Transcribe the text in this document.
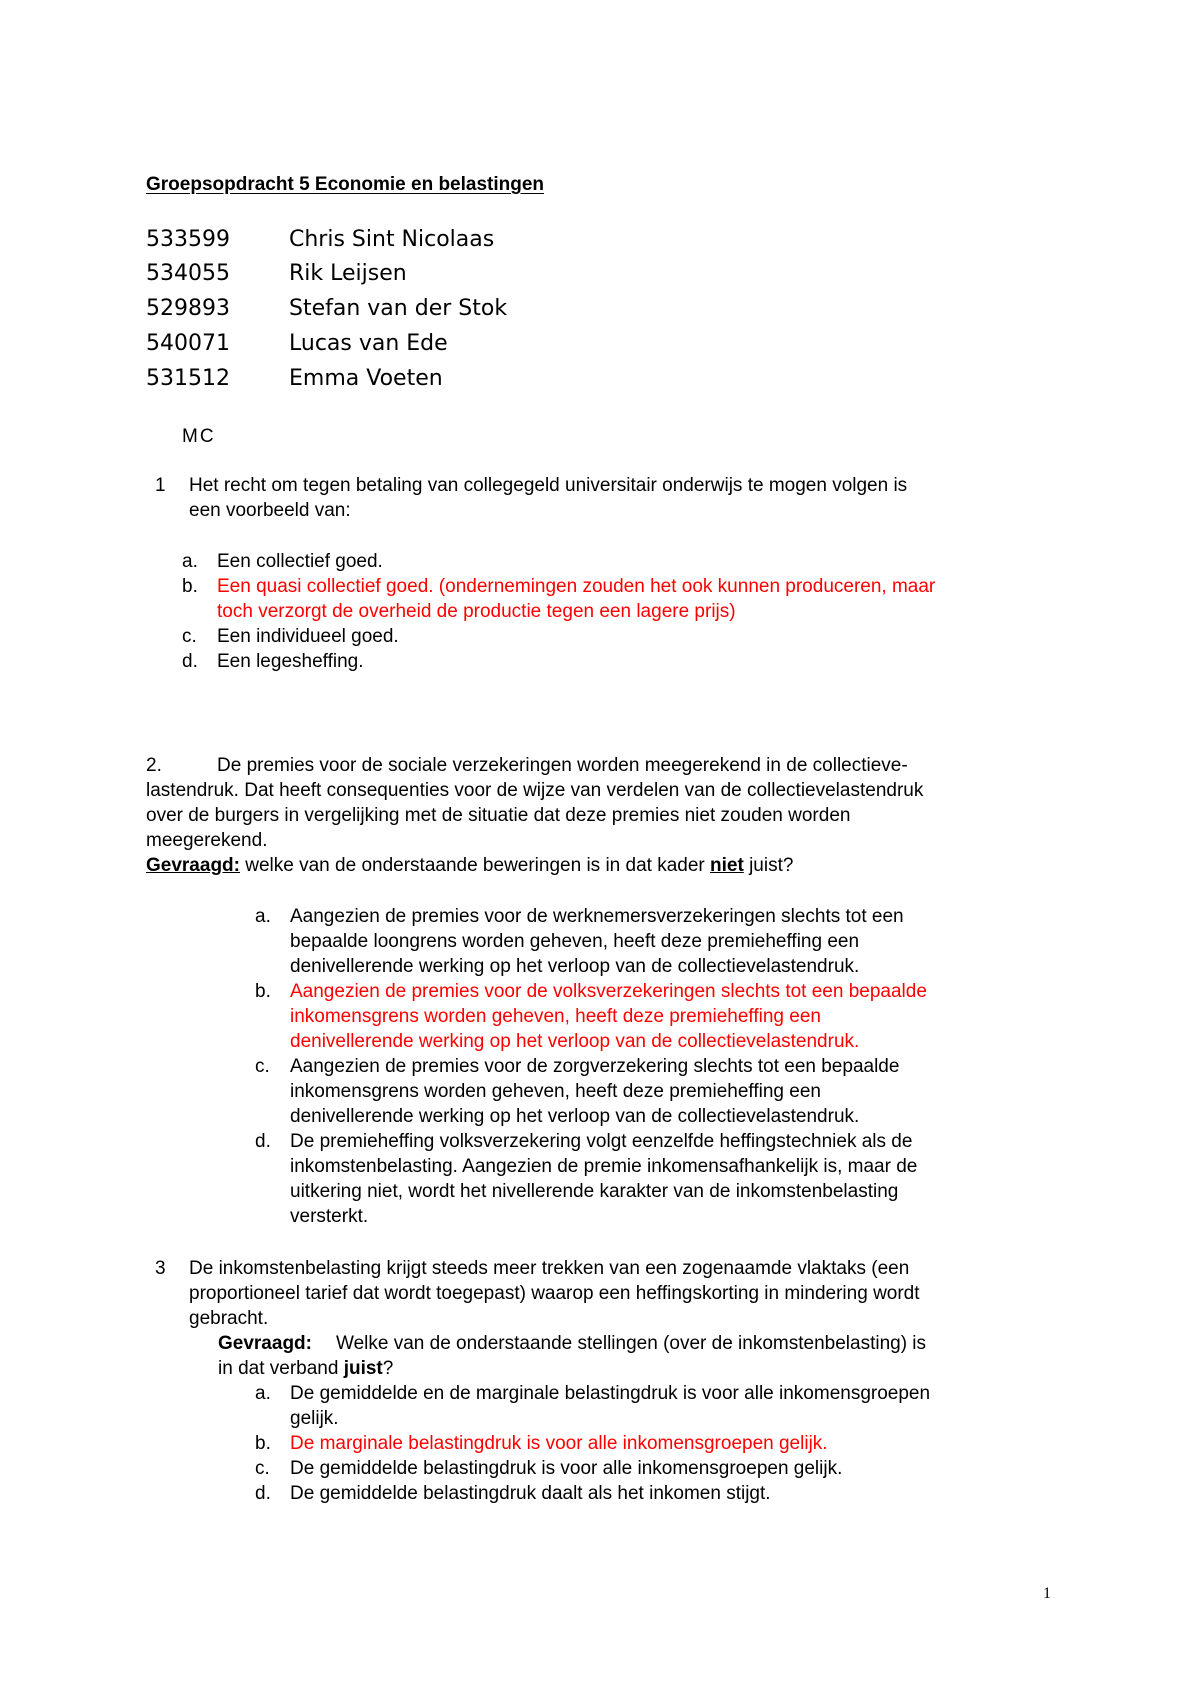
Groepsopdracht 5 Economie en belastingen
533599	Chris Sint Nicolaas
534055	Rik Leijsen
529893	Stefan van der Stok
540071	Lucas van Ede
531512	Emma Voeten
MC
1 Het recht om tegen betaling van collegegeld universitair onderwijs te mogen volgen is
een voorbeeld van:
a. Een collectief goed.
b. Een quasi collectief goed. (ondernemingen zouden het ook kunnen produceren, maar
toch verzorgt de overheid de productie tegen een lagere prijs)
c. Een individueel goed.
d. Een legesheffing.
2.	De premies voor de sociale verzekeringen worden meegerekend in de collectieve-
lastendruk. Dat heeft consequenties voor de wijze van verdelen van de collectievelastendruk
over de burgers in vergelijking met de situatie dat deze premies niet zouden worden
meegerekend.
Gevraagd: welke van de onderstaande beweringen is in dat kader niet juist?
a. Aangezien de premies voor de werknemersverzekeringen slechts tot een
bepaalde loongrens worden geheven, heeft deze premieheffing een
denivellerende werking op het verloop van de collectievelastendruk.
b. Aangezien de premies voor de volksverzekeringen slechts tot een bepaalde
inkomensgrens worden geheven, heeft deze premieheffing een
denivellerende werking op het verloop van de collectievelastendruk.
c. Aangezien de premies voor de zorgverzekering slechts tot een bepaalde
inkomensgrens worden geheven, heeft deze premieheffing een
denivellerende werking op het verloop van de collectievelastendruk.
d. De premieheffing volksverzekering volgt eenzelfde heffingstechniek als de
inkomstenbelasting. Aangezien de premie inkomensafhankelijk is, maar de
uitkering niet, wordt het nivellerende karakter van de inkomstenbelasting
versterkt.
3 De inkomstenbelasting krijgt steeds meer trekken van een zogenaamde vlaktaks (een
proportioneel tarief dat wordt toegepast) waarop een heffingskorting in mindering wordt
gebracht.
Gevraagd: Welke van de onderstaande stellingen (over de inkomstenbelasting) is
in dat verband juist?
a. De gemiddelde en de marginale belastingdruk is voor alle inkomensgroepen
gelijk.
b. De marginale belastingdruk is voor alle inkomensgroepen gelijk.
c. De gemiddelde belastingdruk is voor alle inkomensgroepen gelijk.
d. De gemiddelde belastingdruk daalt als het inkomen stijgt.
1
